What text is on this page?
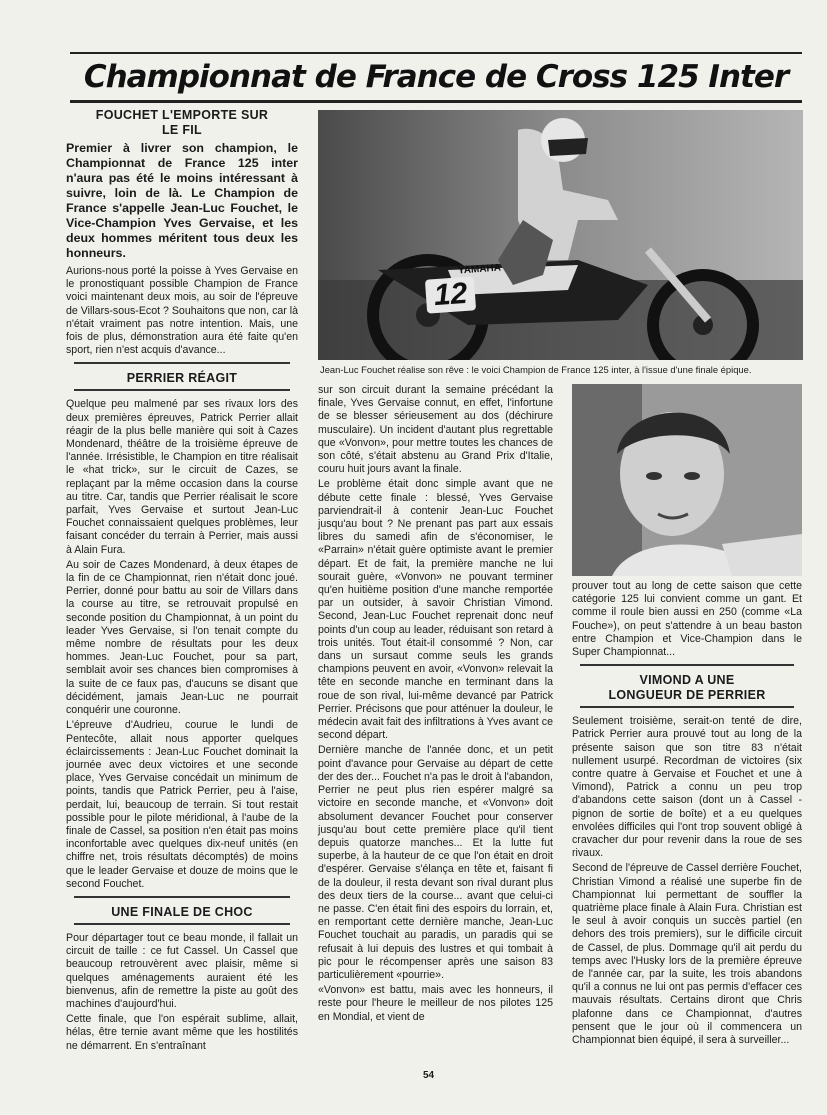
Championnat de France de Cross 125 Inter
FOUCHET L'EMPORTE SUR LE FIL
Premier à livrer son champion, le Championnat de France 125 inter n'aura pas été le moins intéressant à suivre, loin de là. Le Champion de France s'appelle Jean-Luc Fouchet, le Vice-Champion Yves Gervaise, et les deux hommes méritent tous deux les honneurs.

Aurions-nous porté la poisse à Yves Gervaise en le pronostiquant possible Champion de France voici maintenant deux mois, au soir de l'épreuve de Villars-sous-Ecot ? Souhaitons que non, car là n'était vraiment pas notre intention. Mais, une fois de plus, démonstration aura été faite qu'en sport, rien n'est acquis d'avance...

PERRIER RÉAGIT

Quelque peu malmené par ses rivaux lors des deux premières épreuves, Patrick Perrier allait réagir de la plus belle manière qui soit à Cazes Mondenard, théâtre de la troisième épreuve de l'année. Irrésistible, le Champion en titre réalisait le «hat trick», sur le circuit de Cazes, se replaçant par la même occasion dans la course au titre. Car, tandis que Perrier réalisait le score parfait, Yves Gervaise et surtout Jean-Luc Fouchet connaissaient quelques problèmes, leur faisant concéder du terrain à Perrier, mais aussi à Alain Fura.

Au soir de Cazes Mondenard, à deux étapes de la fin de ce Championnat, rien n'était donc joué. Perrier, donné pour battu au soir de Villars dans la course au titre, se retrouvait propulsé en seconde position du Championnat, à un point du leader Yves Gervaise, si l'on tenait compte du même nombre de résultats pour les deux hommes. Jean-Luc Fouchet, pour sa part, semblait avoir ses chances bien compromises à la suite de ce faux pas, d'aucuns se disant que décidément, jamais Jean-Luc ne pourrait conquérir une couronne.

L'épreuve d'Audrieu, courue le lundi de Pentecôte, allait nous apporter quelques éclaircissements : Jean-Luc Fouchet dominait la journée avec deux victoires et une seconde place, Yves Gervaise concédait un minimum de points, tandis que Patrick Perrier, peu à l'aise, perdait, lui, beaucoup de terrain. Si tout restait possible pour le pilote méridional, à l'aube de la finale de Cassel, sa position n'en était pas moins inconfortable avec quelques dix-neuf unités (en chiffre net, trois résultats décomptés) de moins que le leader Gervaise et douze de moins que le second Fouchet.

UNE FINALE DE CHOC

Pour départager tout ce beau monde, il fallait un circuit de taille : ce fut Cassel. Un Cassel que beaucoup retrouvèrent avec plaisir, même si quelques aménagements auraient été les bienvenus, afin de remettre la piste au goût des machines d'aujourd'hui.

Cette finale, que l'on espérait sublime, allait, hélas, être ternie avant même que les hostilités ne démarrent. En s'entraînant

YAMAHA
12
Jean-Luc Fouchet réalise son rêve : le voici Champion de France 125 inter, à l'issue d'une finale épique.

sur son circuit durant la semaine précédant la finale, Yves Gervaise connut, en effet, l'infortune de se blesser sérieusement au dos (déchirure musculaire). Un incident d'autant plus regrettable que «Vonvon», pour mettre toutes les chances de son côté, s'était abstenu au Grand Prix d'Italie, couru huit jours avant la finale.

Le problème était donc simple avant que ne débute cette finale : blessé, Yves Gervaise parviendrait-il à contenir Jean-Luc Fouchet jusqu'au bout ? Ne prenant pas part aux essais libres du samedi afin de s'économiser, le «Parrain» n'était guère optimiste avant le premier départ. Et de fait, la première manche ne lui sourait guère, «Vonvon» ne pouvant terminer qu'en huitième position d'une manche remportée par un outsider, à savoir Christian Vimond. Second, Jean-Luc Fouchet reprenait donc neuf points d'un coup au leader, réduisant son retard à trois unités. Tout était-il consommé ? Non, car dans un sursaut comme seuls les grands champions peuvent en avoir, «Vonvon» relevait la tête en seconde manche en terminant dans la roue de son rival, lui-même devancé par Patrick Perrier. Précisons que pour atténuer la douleur, le médecin avait fait des infiltrations à Yves avant ce second départ.

Dernière manche de l'année donc, et un petit point d'avance pour Gervaise au départ de cette der des der... Fouchet n'a pas le droit à l'abandon, Perrier ne peut plus rien espérer malgré sa victoire en seconde manche, et «Vonvon» doit absolument devancer Fouchet pour conserver jusqu'au bout cette première place qu'il tient depuis quatorze manches... Et la lutte fut superbe, à la hauteur de ce que l'on était en droit d'espérer. Gervaise s'élança en tête et, faisant fi de la douleur, il resta devant son rival durant plus des deux tiers de la course... avant que celui-ci ne passe. C'en était fini des espoirs du lorrain, et, en remportant cette dernière manche, Jean-Luc Fouchet touchait au paradis, un paradis qui se refusait à lui depuis des lustres et qui tombait à pic pour le récompenser après une saison 83 particulièrement «pourrie».

«Vonvon» est battu, mais avec les honneurs, il reste pour l'heure le meilleur de nos pilotes 125 en Mondial, et vient de

prouver tout au long de cette saison que cette catégorie 125 lui convient comme un gant. Et comme il roule bien aussi en 250 (comme «La Fouche»), on peut s'attendre à un beau baston entre Champion et Vice-Champion dans le Super Championnat...

VIMOND A UNE LONGUEUR DE PERRIER

Seulement troisième, serait-on tenté de dire, Patrick Perrier aura prouvé tout au long de la présente saison que son titre 83 n'était nullement usurpé. Recordman de victoires (six contre quatre à Gervaise et Fouchet et une à Vimond), Patrick a connu un peu trop d'abandons cette saison (dont un à Cassel -pignon de sortie de boîte) et a eu quelques envolées difficiles qui l'ont trop souvent obligé à cravacher dur pour revenir dans la roue de ses rivaux.

Second de l'épreuve de Cassel derrière Fouchet, Christian Vimond a réalisé une superbe fin de Championnat lui permettant de souffler la quatrième place finale à Alain Fura. Christian est le seul à avoir conquis un succès partiel (en dehors des trois premiers), sur le difficile circuit de Cassel, de plus. Dommage qu'il ait perdu du temps avec l'Husky lors de la première épreuve de l'année car, par la suite, les trois abandons qu'il a connus ne lui ont pas permis d'effacer ces mauvais résultats. Certains diront que Chris plafonne dans ce Championnat, d'autres pensent que le jour où il commencera un Championnat bien équipé, il sera à surveiller...

54
